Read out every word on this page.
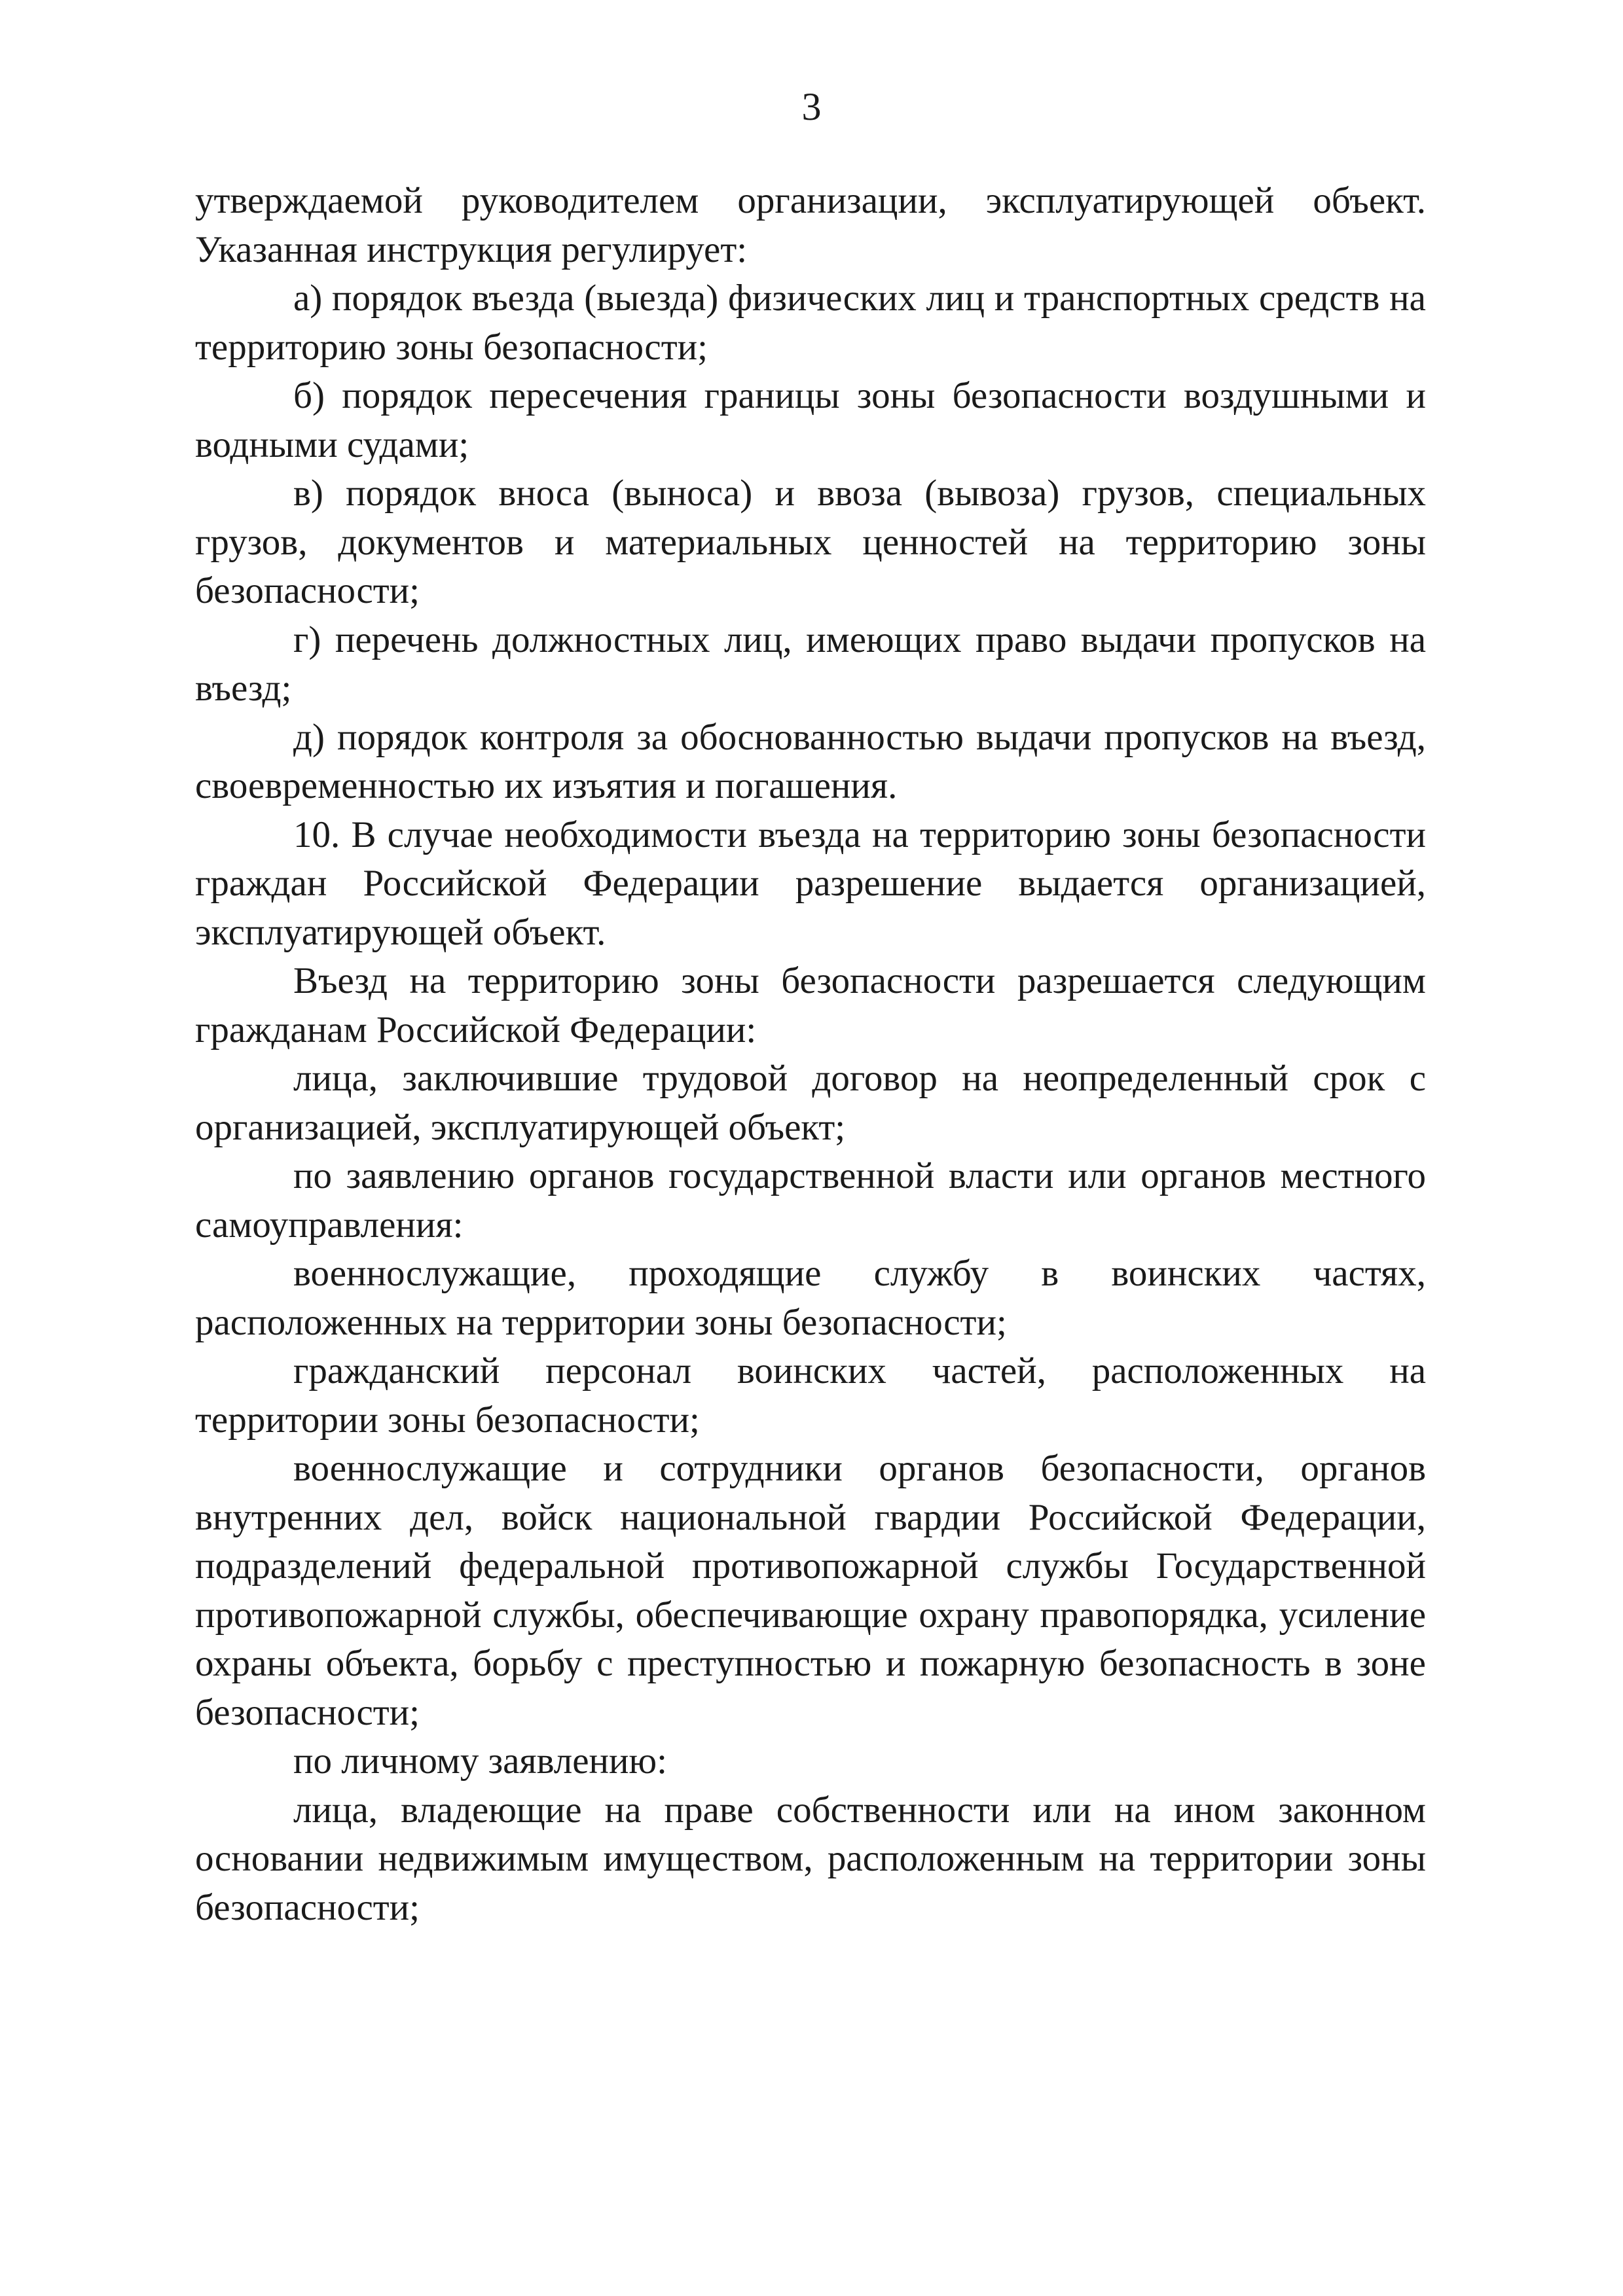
3

утверждаемой руководителем организации, эксплуатирующей объект. Указанная инструкция регулирует:

а) порядок въезда (выезда) физических лиц и транспортных средств на территорию зоны безопасности;

б) порядок пересечения границы зоны безопасности воздушными и водными судами;

в) порядок вноса (выноса) и ввоза (вывоза) грузов, специальных грузов, документов и материальных ценностей на территорию зоны безопасности;

г) перечень должностных лиц, имеющих право выдачи пропусков на въезд;

д) порядок контроля за обоснованностью выдачи пропусков на въезд, своевременностью их изъятия и погашения.

10. В случае необходимости въезда на территорию зоны безопасности граждан Российской Федерации разрешение выдается организацией, эксплуатирующей объект.

Въезд на территорию зоны безопасности разрешается следующим гражданам Российской Федерации:

лица, заключившие трудовой договор на неопределенный срок с организацией, эксплуатирующей объект;

по заявлению органов государственной власти или органов местного самоуправления:

военнослужащие, проходящие службу в воинских частях, расположенных на территории зоны безопасности;

гражданский персонал воинских частей, расположенных на территории зоны безопасности;

военнослужащие и сотрудники органов безопасности, органов внутренних дел, войск национальной гвардии Российской Федерации, подразделений федеральной противопожарной службы Государственной противопожарной службы, обеспечивающие охрану правопорядка, усиление охраны объекта, борьбу с преступностью и пожарную безопасность в зоне безопасности;

по личному заявлению:

лица, владеющие на праве собственности или на ином законном основании недвижимым имуществом, расположенным на территории зоны безопасности;
